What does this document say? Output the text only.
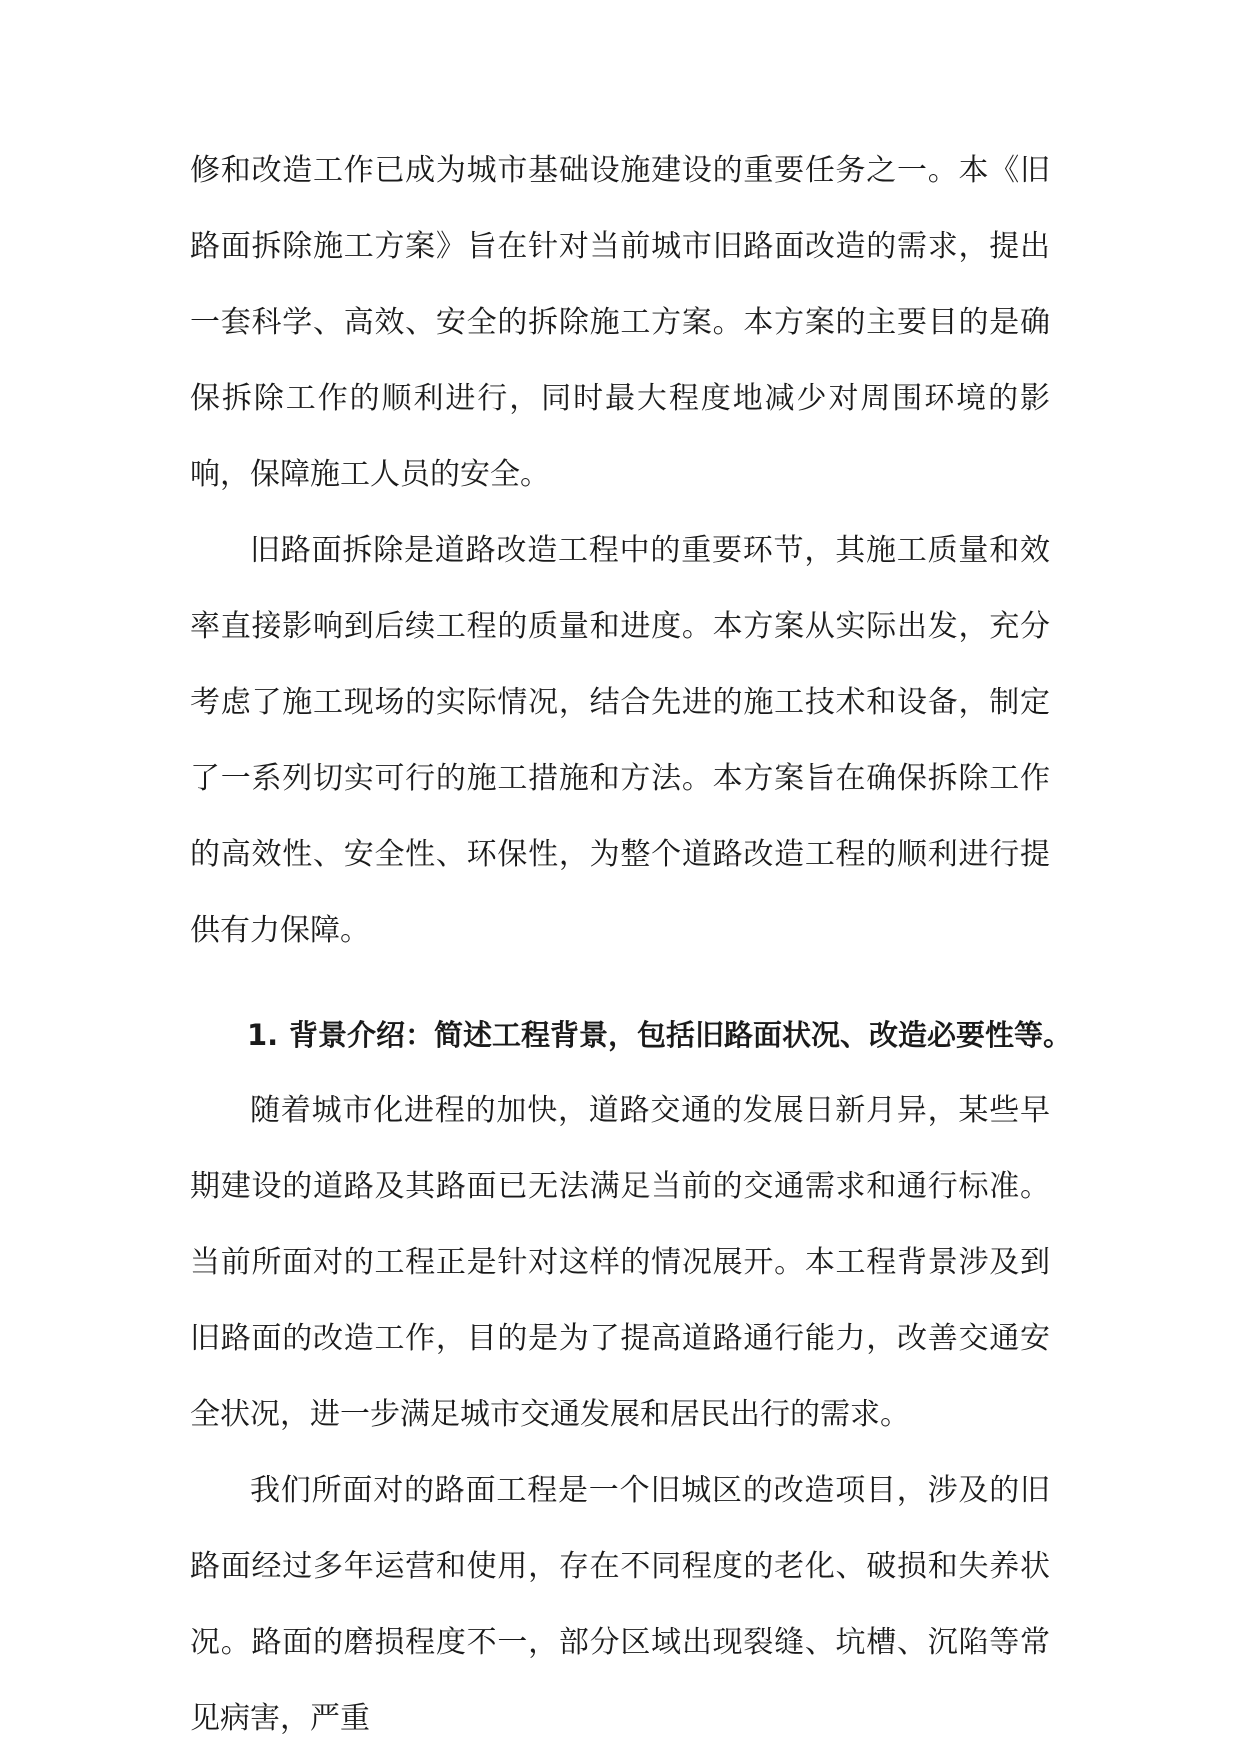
修和改造工作已成为城市基础设施建设的重要任务之一。本《旧路面拆除施工方案》旨在针对当前城市旧路面改造的需求，提出一套科学、高效、安全的拆除施工方案。本方案的主要目的是确保拆除工作的顺利进行，同时最大程度地减少对周围环境的影响，保障施工人员的安全。

旧路面拆除是道路改造工程中的重要环节，其施工质量和效率直接影响到后续工程的质量和进度。本方案从实际出发，充分考虑了施工现场的实际情况，结合先进的施工技术和设备，制定了一系列切实可行的施工措施和方法。本方案旨在确保拆除工作的高效性、安全性、环保性，为整个道路改造工程的顺利进行提供有力保障。

1. 背景介绍：简述工程背景，包括旧路面状况、改造必要性等。

随着城市化进程的加快，道路交通的发展日新月异，某些早期建设的道路及其路面已无法满足当前的交通需求和通行标准。当前所面对的工程正是针对这样的情况展开。本工程背景涉及到旧路面的改造工作，目的是为了提高道路通行能力，改善交通安全状况，进一步满足城市交通发展和居民出行的需求。

我们所面对的路面工程是一个旧城区的改造项目，涉及的旧路面经过多年运营和使用，存在不同程度的老化、破损和失养状况。路面的磨损程度不一，部分区域出现裂缝、坑槽、沉陷等常见病害，严重
